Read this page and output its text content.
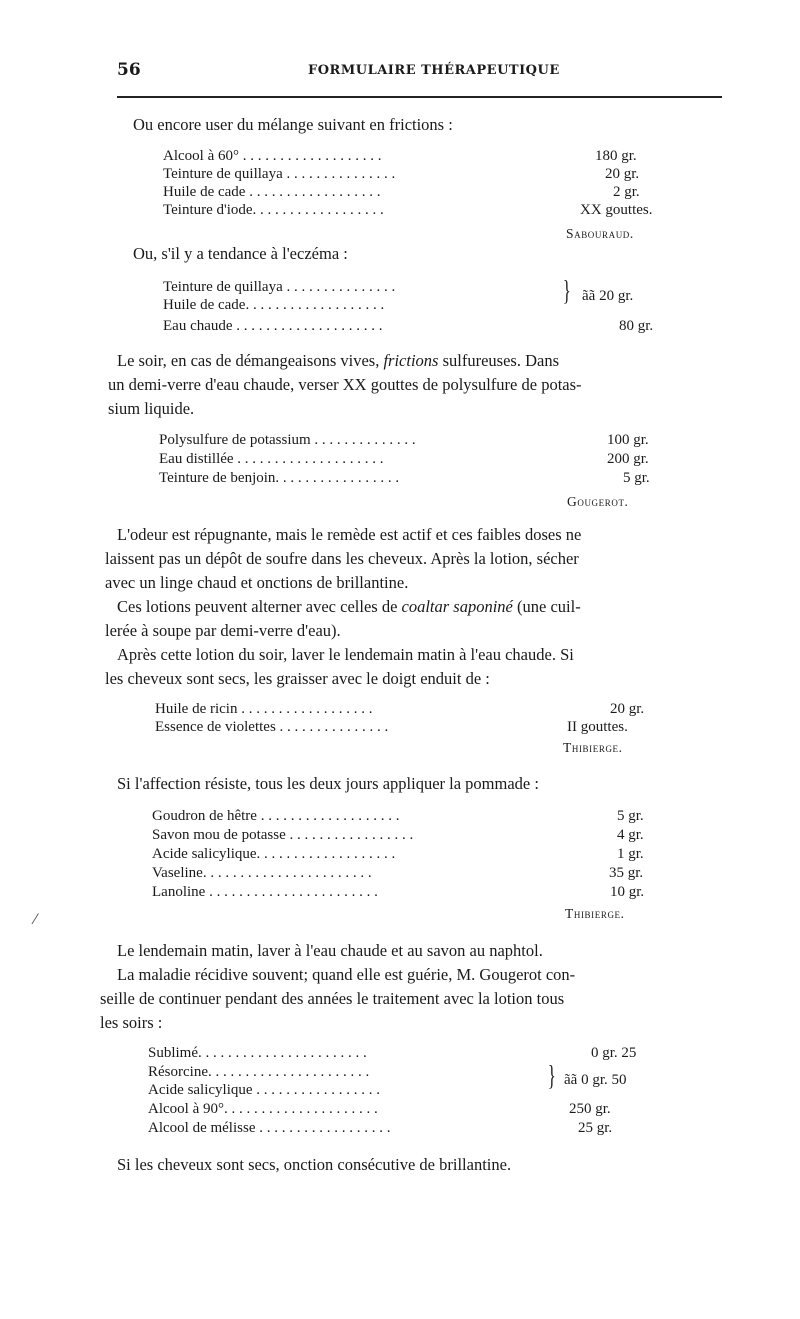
56	FORMULAIRE THÉRAPEUTIQUE
Ou encore user du mélange suivant en frictions :
Alcool à 60° . . . . . . . . . . . . . . . . . . .	180 gr.
Teinture de quillaya . . . . . . . . . . . . . . .	20 gr.
Huile de cade . . . . . . . . . . . . . . . . . .	2 gr.
Teinture d'iode. . . . . . . . . . . . . . . . . .	XX gouttes.
Sabouraud.
Ou, s'il y a tendance à l'eczéma :
Teinture de quillaya . . . . . . . . . . . . . . .
Huile de cade. . . . . . . . . . . . . . . . . . .	} ãã 20 gr.
Eau chaude . . . . . . . . . . . . . . . . . . . .	80 gr.
Le soir, en cas de démangeaisons vives, frictions sulfureuses. Dans
un demi-verre d'eau chaude, verser XX gouttes de polysulfure de potas-
sium liquide.
Polysulfure de potassium . . . . . . . . . . . . . .	100 gr.
Eau distillée . . . . . . . . . . . . . . . . . . . .	200 gr.
Teinture de benjoin. . . . . . . . . . . . . . . . .	5 gr.
Gougerot.
L'odeur est répugnante, mais le remède est actif et ces faibles doses ne
laissent pas un dépôt de soufre dans les cheveux. Après la lotion, sécher
avec un linge chaud et onctions de brillantine.
Ces lotions peuvent alterner avec celles de coaltar saponiné (une cuil-
lerée à soupe par demi-verre d'eau).
Après cette lotion du soir, laver le lendemain matin à l'eau chaude. Si
les cheveux sont secs, les graisser avec le doigt enduit de :
Huile de ricin . . . . . . . . . . . . . . . . . .	20 gr.
Essence de violettes . . . . . . . . . . . . . . .	II gouttes.
Thibierge.
Si l'affection résiste, tous les deux jours appliquer la pommade :
Goudron de hêtre . . . . . . . . . . . . . . . . . . .	5 gr.
Savon mou de potasse . . . . . . . . . . . . . . . . .	4 gr.
Acide salicylique. . . . . . . . . . . . . . . . . . .	1 gr.
Vaseline. . . . . . . . . . . . . . . . . . . . . . .	35 gr.
Lanoline . . . . . . . . . . . . . . . . . . . . . . .	10 gr.
Thibierge.
⁄
Le lendemain matin, laver à l'eau chaude et au savon au naphtol.
La maladie récidive souvent; quand elle est guérie, M. Gougerot con-
seille de continuer pendant des années le traitement avec la lotion tous
les soirs :
Sublimé. . . . . . . . . . . . . . . . . . . . . . .	0 gr. 25
Résorcine. . . . . . . . . . . . . . . . . . . . . .
Acide salicylique . . . . . . . . . . . . . . . . .	} ãã 0 gr. 50
Alcool à 90°. . . . . . . . . . . . . . . . . . . . .	250 gr.
Alcool de mélisse . . . . . . . . . . . . . . . . . .	25 gr.
Si les cheveux sont secs, onction consécutive de brillantine.
